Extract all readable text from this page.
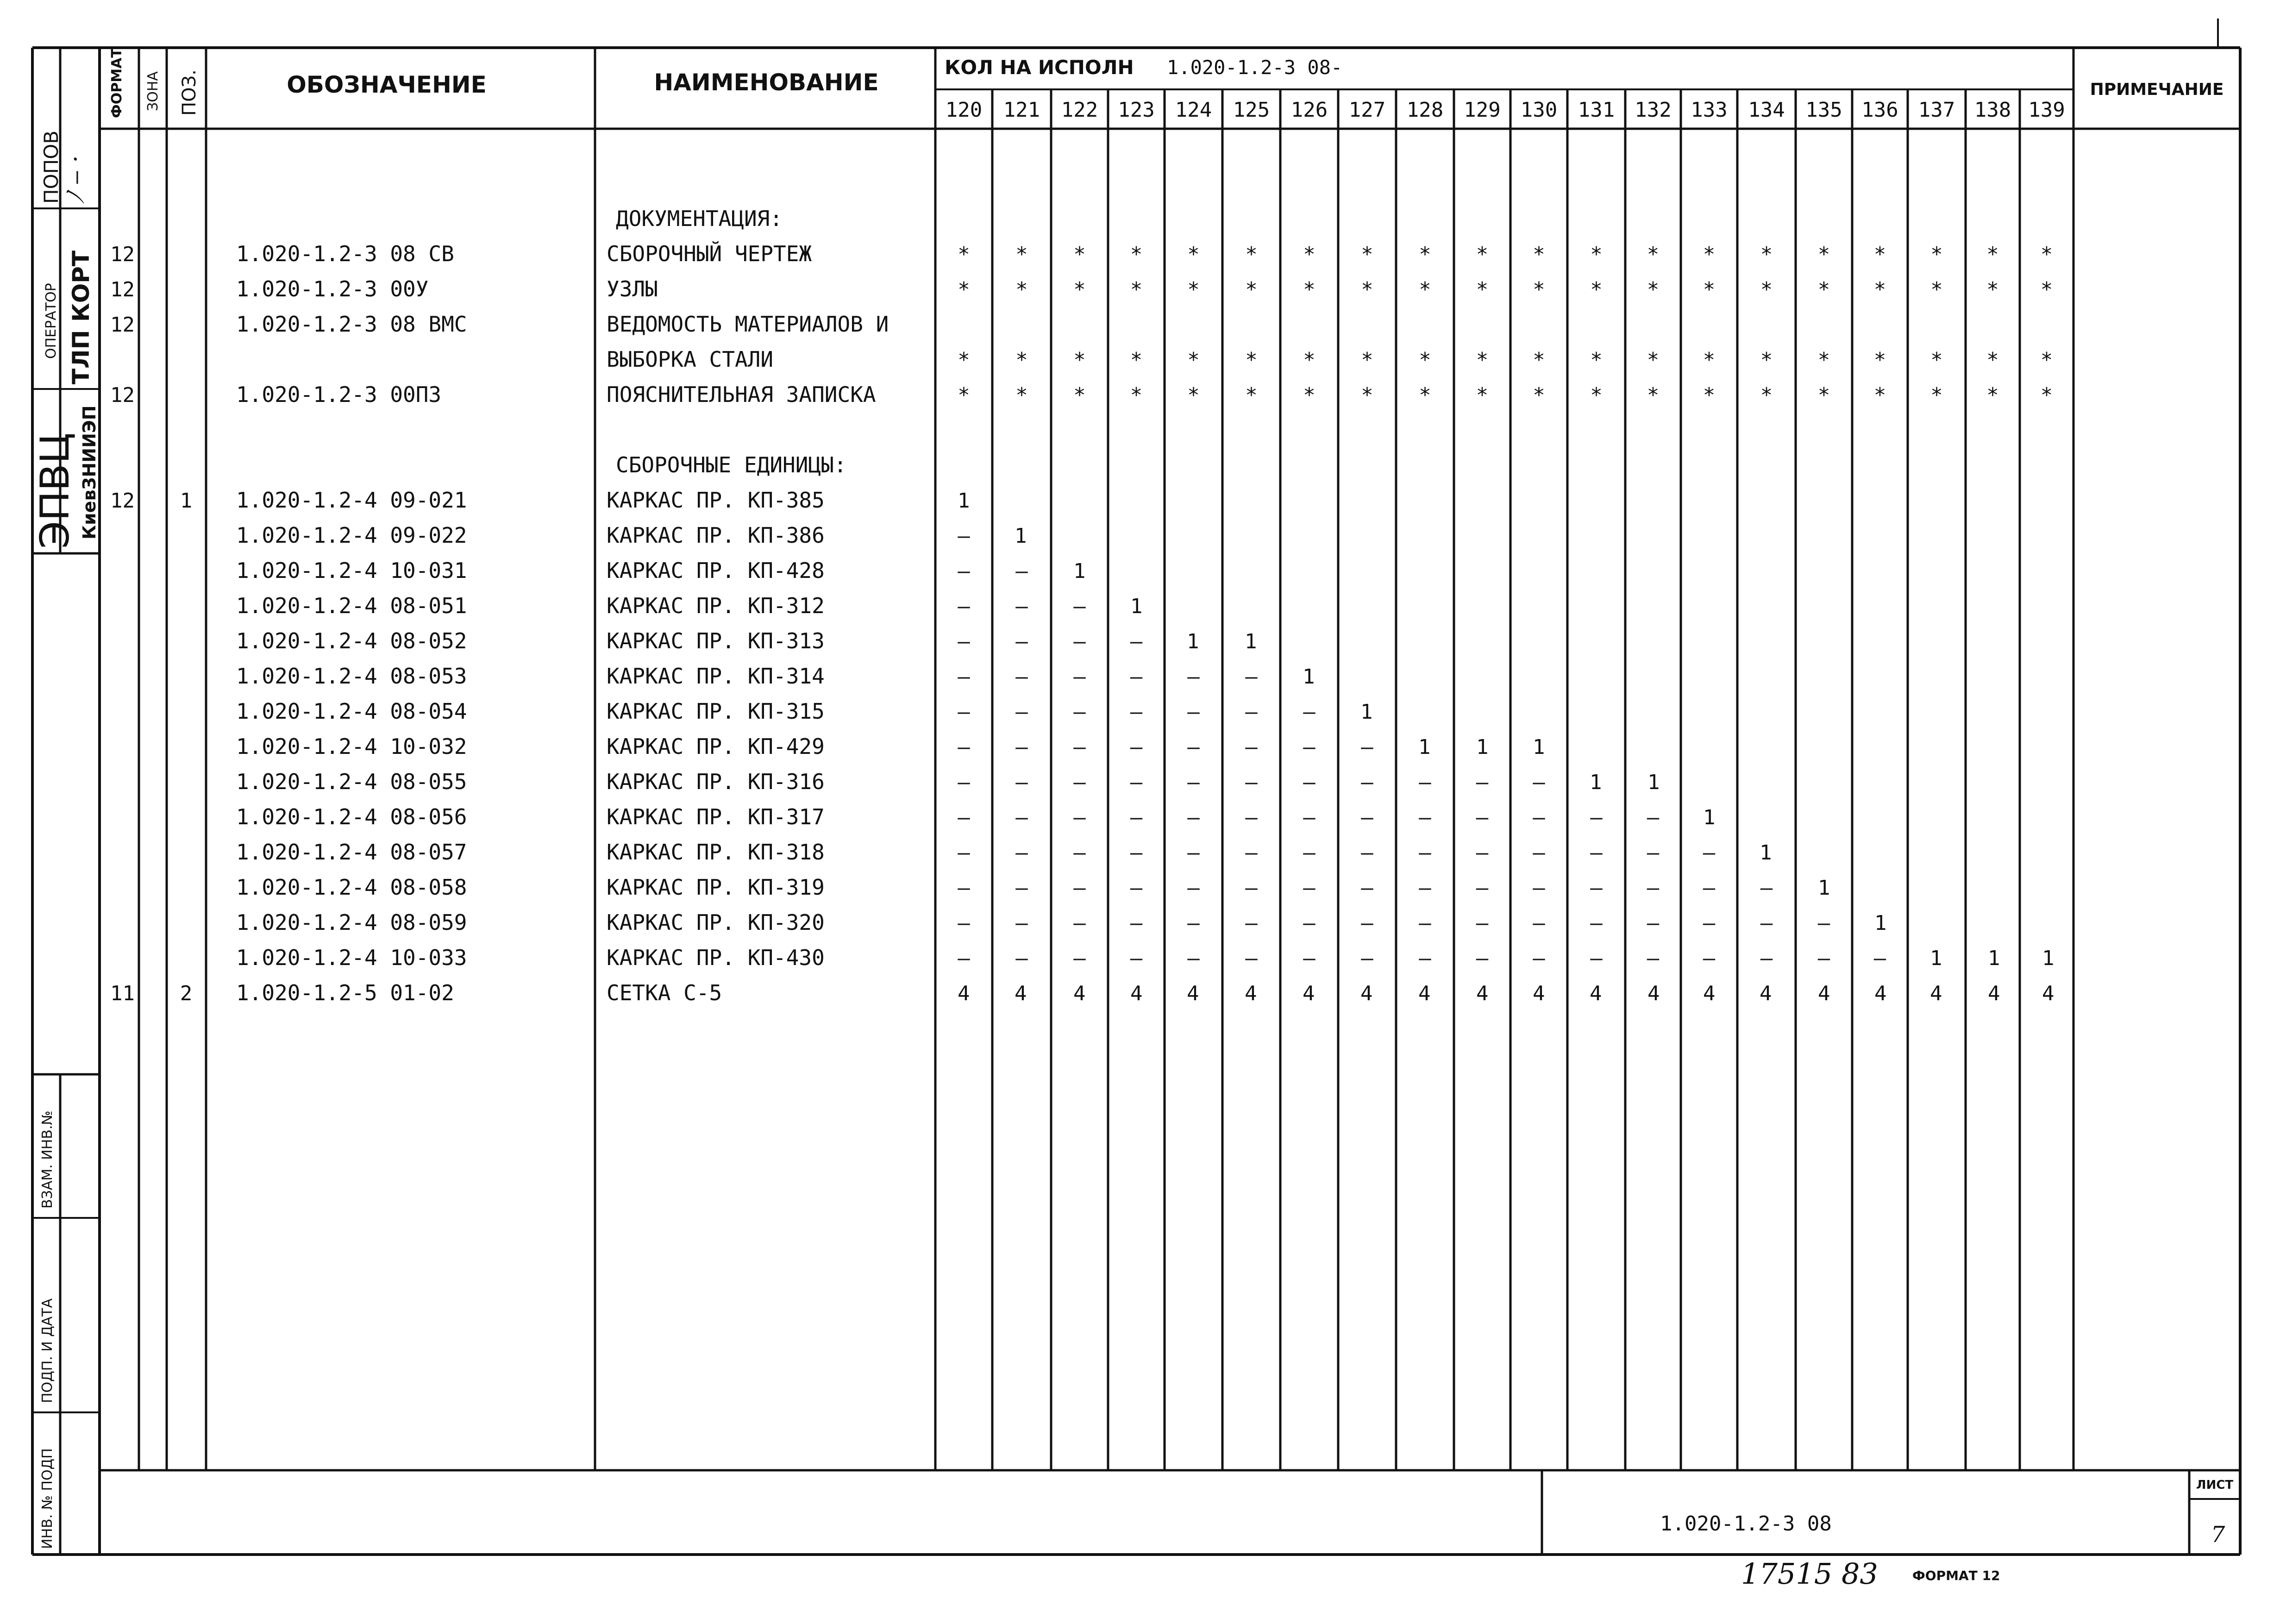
ФОРМАТ ЗОНА ПОЗ.	ОБОЗНАЧЕНИЕ	НАИМЕНОВАНИЕ
КОЛ НА ИСПОЛН 1.020-1.2-3 08-
ПРИМЕЧАНИЕ
120 121 122 123 124 125 126 127 128 129 130 131 132 133 134 135 136 137 138 139
ДОКУМЕНТАЦИЯ:
12	1.020-1.2-3 08 СВ	СБОРОЧНЫЙ ЧЕРТЕЖ	* * * * * * * * * * * * * * * * * * * *
12	1.020-1.2-3 00У	УЗЛЫ	* * * * * * * * * * * * * * * * * * * *
12	1.020-1.2-3 08 ВМС	ВЕДОМОСТЬ МАТЕРИАЛОВ И
ВЫБОРКА СТАЛИ	* * * * * * * * * * * * * * * * * * * *
12	1.020-1.2-3 00ПЗ	ПОЯСНИТЕЛЬНАЯ ЗАПИСКА	* * * * * * * * * * * * * * * * * * * *
СБОРОЧНЫЕ ЕДИНИЦЫ:
12 1 1.020-1.2-4 09-021	КАРКАС ПР. КП-385	1
1.020-1.2-4 09-022	КАРКАС ПР. КП-386	– 1
1.020-1.2-4 10-031	КАРКАС ПР. КП-428	– – 1
1.020-1.2-4 08-051	КАРКАС ПР. КП-312	– – – 1
1.020-1.2-4 08-052	КАРКАС ПР. КП-313	– – – – 1 1
1.020-1.2-4 08-053	КАРКАС ПР. КП-314	– – – – – – 1
1.020-1.2-4 08-054	КАРКАС ПР. КП-315	– – – – – – – 1
1.020-1.2-4 10-032	КАРКАС ПР. КП-429	– – – – – – – – 1 1 1
1.020-1.2-4 08-055	КАРКАС ПР. КП-316	– – – – – – – – – – – 1 1
1.020-1.2-4 08-056	КАРКАС ПР. КП-317	– – – – – – – – – – – – – 1
1.020-1.2-4 08-057	КАРКАС ПР. КП-318	– – – – – – – – – – – – – – 1
1.020-1.2-4 08-058	КАРКАС ПР. КП-319	– – – – – – – – – – – – – – – 1
1.020-1.2-4 08-059	КАРКАС ПР. КП-320	– – – – – – – – – – – – – – – – 1
1.020-1.2-4 10-033	КАРКАС ПР. КП-430	– – – – – – – – – – – – – – – – – 1 1 1
11 2 1.020-1.2-5 01-02	СЕТКА С-5	4 4 4 4 4 4 4 4 4 4 4 4 4 4 4 4 4 4 4 4
ПОПОВ ﾉ ‒ ·
ОПЕРАТОР ТЛП КОРТ
ЭПВЦ КиевЗНИИЭП
ВЗАМ. ИНВ.№
ПОДП. И ДАТА
ИНВ. № ПОДП	1.020-1.2-3 08
ЛИСТ
7
17515 83	ФОРМАТ 12
